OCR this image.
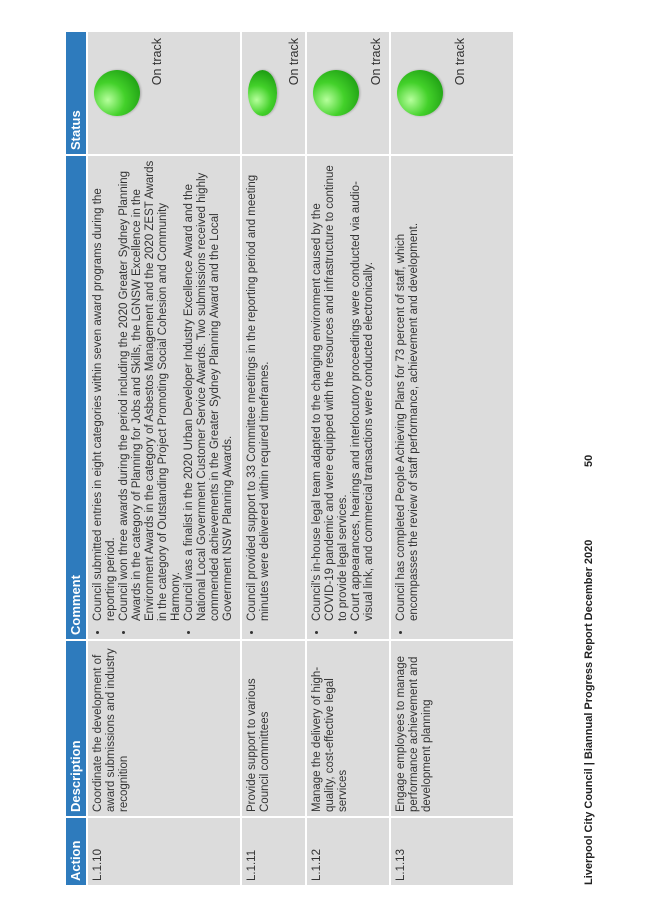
Action
Description
Comment
Status
L.1.10
Coordinate the development of award submissions and industry recognition
• Council submitted entries in eight categories within seven award programs during the reporting period. • Council won three awards during the period including the 2020 Greater Sydney Planning Awards in the category of Planning for Jobs and Skills, the LGNSW Excellence in the Environment Awards in the category of Asbestos Management and the 2020 ZEST Awards in the category of Outstanding Project Promoting Social Cohesion and Community Harmony. • Council was a finalist in the 2020 Urban Developer Industry Excellence Award and the National Local Government Customer Service Awards. Two submissions received highly commended achievements in the Greater Sydney Planning Award and the Local Government NSW Planning Awards.
On track
L.1.11
Provide support to various Council committees
• Council provided support to 33 Committee meetings in the reporting period and meeting minutes were delivered within required timeframes.
On track
L.1.12
Manage the delivery of high-quality, cost-effective legal services
• Council's in-house legal team adapted to the changing environment caused by the COVID-19 pandemic and were equipped with the resources and infrastructure to continue to provide legal services. • Court appearances, hearings and interlocutory proceedings were conducted via audio-visual link, and commercial transactions were conducted electronically.
On track
L.1.13
Engage employees to manage performance achievement and development planning
• Council has completed People Achieving Plans for 73 percent of staff, which encompasses the review of staff performance, achievement and development.
On track
Liverpool City Council | Biannual Progress Report December 2020
50
